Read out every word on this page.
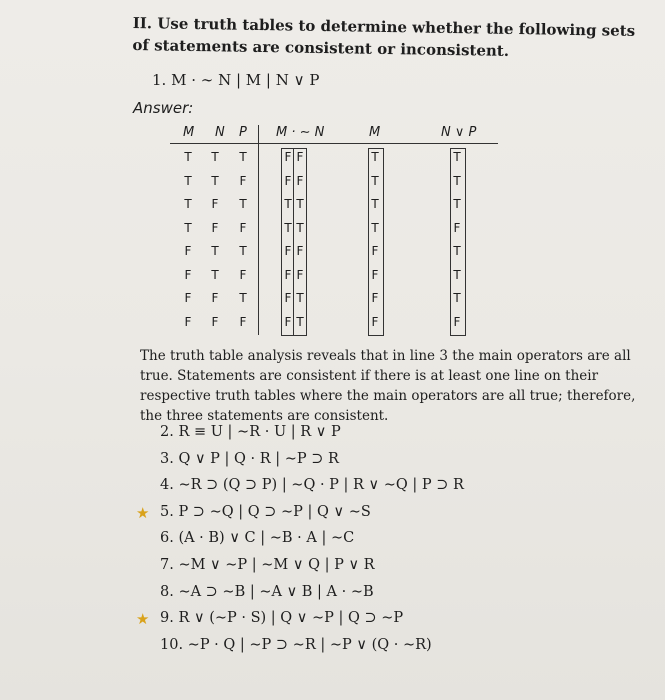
II. Use truth tables to determine whether the following sets of statements are consistent or inconsistent.
1. M · ∼ N | M | N ∨ P
Answer:
M N P M · ∼ N	M	N ∨ P
T T T	F F	T	T
T T F	F F	T	T
T F T	T T	T	T
T F F	T T	T	F
F T T	F F	F	T
F T F	F F	F	T
F F T	F T	F	T
F F F	F T	F	F
The truth table analysis reveals that in line 3 the main operators are all true. Statements are consistent if there is at least one line on their respective truth tables where the main operators are all true; therefore, the three statements are consistent.
2. R ≡ U | ∼R · U | R ∨ P
3. Q ∨ P | Q · R | ∼P ⊃ R
4. ∼R ⊃ (Q ⊃ P) | ∼Q · P | R ∨ ∼Q | P ⊃ R
★ 5. P ⊃ ∼Q | Q ⊃ ∼P | Q ∨ ∼S
6. (A · B) ∨ C | ∼B · A | ∼C
7. ∼M ∨ ∼P | ∼M ∨ Q | P ∨ R
8. ∼A ⊃ ∼B | ∼A ∨ B | A · ∼B
★ 9. R ∨ (∼P · S) | Q ∨ ∼P | Q ⊃ ∼P
10. ∼P · Q | ∼P ⊃ ∼R | ∼P ∨ (Q · ∼R)
